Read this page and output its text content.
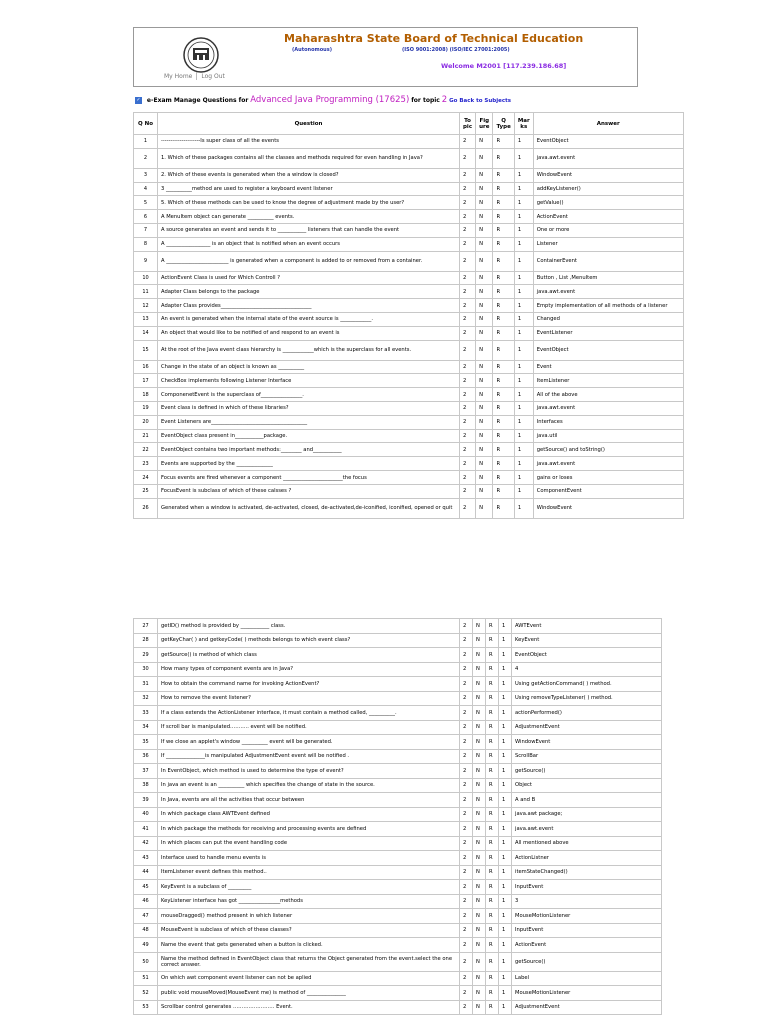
Maharashtra State Board of Technical Education
(Autonomous)	(ISO 9001:2008) (ISO/IEC 27001:2005)
Welcome M2001 [117.239.186.68]
My Home Log Out
✓ e-Exam Manage Questions for Advanced Java Programming (17625) for topic 2 Go Back to Subjects
Q No	Question	To pic	Fig ure	Q Type	Mar ks	Answer
1	---------------------Is super class of all the events	2	N	R	1	EventObject
2	1. Which of these packages contains all the classes and methods required for even handling in Java?	2	N	R	1	java.awt.event
3	2. Which of these events is generated when the a window is closed?	2	N	R	1	WindowEvent
4	3 __________method are used to register a keyboard event listener	2	N	R	1	addKeyListener()
5	5. Which of these methods can be used to know the degree of adjustment made by the user?	2	N	R	1	getValue()
6	A MenuItem object can generate __________ events.	2	N	R	1	ActionEvent
7	A source generates an event and sends it to ___________ listeners that can handle the event	2	N	R	1	One or more
8	A _________________ is an object that is notified when an event occurs	2	N	R	1	Listener
9	A ________________________ is generated when a component is added to or removed from a container.	2	N	R	1	ContainerEvent
10	ActionEvent Class is used for Which Controll ?	2	N	R	1	Button , List ,MenuItem
11	Adapter Class belongs to the package	2	N	R	1	java.awt.event
12	Adapter Class provides___________________________________	2	N	R	1	Empty implementation of all methods of a listener
13	An event is generated when the internal state of the event source is ____________.	2	N	R	1	Changed
14	An object that would like to be notified of and respond to an event is	2	N	R	1	EventListener
15	At the root of the Java event class hierarchy is ____________which is the superclass for all events.	2	N	R	1	EventObject
16	Change in the state of an object is known as __________	2	N	R	1	Event
17	CheckBox implements following Listener Interface	2	N	R	1	ItemListener
18	ComponenetEvent is the superclass of________________.	2	N	R	1	All of the above
19	Event class is defined in which of these libraries?	2	N	R	1	java.awt.event
20	Event Listeners are_____________________________________	2	N	R	1	Interfaces
21	EventObject class present in___________package.	2	N	R	1	java.util
22	EventObject contains two important methods:________ and___________	2	N	R	1	getSource() and toString()
23	Events are supported by the ______________	2	N	R	1	java.awt.event
24	Focus events are fired whenever a component _______________________the focus	2	N	R	1	gains or loses
25	FocusEvent is subclass of which of these calsses ?	2	N	R	1	ComponentEvent
26	Generated when a window is activated, de-activated, closed, de-activated,de-iconified, iconified, opened or quit	2	N	R	1	WindowEvent
27	getID() method is provided by ___________ class.	2	N	R	1	AWTEvent
28	getKeyChar( ) and getkeyCode( ) methods belongs to which event class?	2	N	R	1	KeyEvent
29	getSource() is method of which class	2	N	R	1	EventObject
30	How many types of component events are in Java?	2	N	R	1	4
31	How to obtain the command name for invoking ActionEvent?	2	N	R	1	Using getActionCommand( ) method.
32	How to remove the event listener?	2	N	R	1	Using removeTypeListener( ) method.
33	If a class extends the ActionListener interface, it must contain a method called, __________.	2	N	R	1	actionPerformed()
34	If scroll bar is manipulated……….. event will be notified.	2	N	R	1	AdjustmentEvent
35	If we close an applet's window __________ event will be generated.	2	N	R	1	WindowEvent
36	If _______________is manipulated AdjustmentEvent event will be notified .	2	N	R	1	ScrollBar
37	In EventObject, which method is used to determine the type of event?	2	N	R	1	getSource()
38	In java an event is an __________ which specifies the change of state in the source.	2	N	R	1	Object
39	In Java, events are all the activities that occur between	2	N	R	1	A and B
40	In which package class AWTEvent defined	2	N	R	1	java.awt package;
41	In which package the methods for receiving and processing events are defined	2	N	R	1	java.awt.event
42	In which places can put the event handling code	2	N	R	1	All mentioned above
43	Interface used to handle menu events is	2	N	R	1	ActionListner
44	ItemListener event defines this method..	2	N	R	1	itemStateChanged()
45	KeyEvent is a subclass of _________	2	N	R	1	InputEvent
46	KeyListener interface has got ________________methods	2	N	R	1	3
47	mouseDragged() method present in which listener	2	N	R	1	MouseMotionListener
48	MouseEvent is subclass of which of these classes?	2	N	R	1	InputEvent
49	Name the event that gets generated when a button is clicked.	2	N	R	1	ActionEvent
50	Name the method defined in EventObject class that returns the Object generated from the event.select the one correct answer.	2	N	R	1	getSource()
51	On which awt component event listener can not be aplied	2	N	R	1	Label
52	public void mouseMoved(MouseEvent me) is method of _______________	2	N	R	1	MouseMotionListener
53	Scrollbar control generates …………………… Event.	2	N	R	1	AdjustmentEvent
